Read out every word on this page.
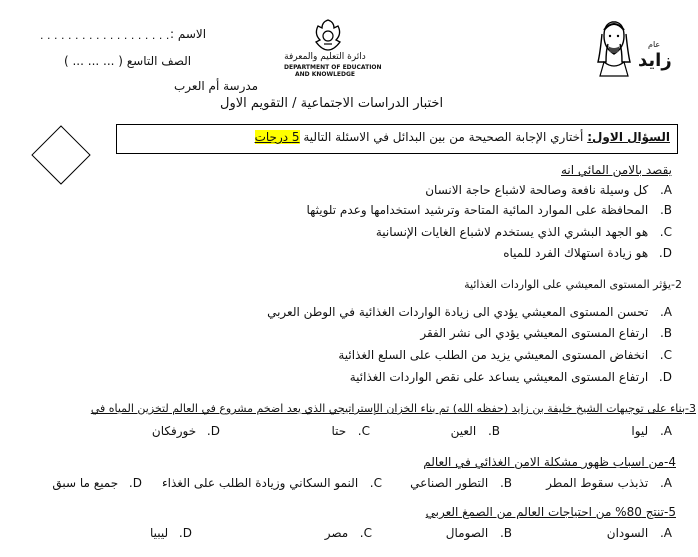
زايد
عام
دائرة التعليم والمعرفة
DEPARTMENT OF EDUCATION
AND KNOWLEDGE
الاسم :
. . . . . . . . . . . . . . . . . . .
الصف التاسع ( ... ... ... )
مدرسة أم العرب
اختبار الدراسات الاجتماعية / التقويم الاول
السؤال الاول: أختاري الإجابة الصحيحة من بين البدائل في الاسئلة التالية 5 درجات
يقصد بالامن المائي انه
A. كل وسيلة نافعة وصالحة لاشباع حاجة الانسان
B. المحافظة على الموارد المائية المتاحة وترشيد استخدامها وعدم تلويثها
C. هو الجهد البشري الذي يستخدم لاشباع الغايات الإنسانية
D. هو زيادة استهلاك الفرد للمياه
2-يؤثر المستوى المعيشي على الواردات الغذائية
A. تحسن المستوى المعيشي يؤدي الى زيادة الواردات الغذائية في الوطن العربي
B. ارتفاع المستوى المعيشي يؤدي الى نشر الفقر
C. انخفاض المستوى المعيشي يزيد من الطلب على السلع الغذائية
D. ارتفاع المستوى المعيشي يساعد على نقص الواردات الغذائية
3-بناء على توجيهات الشيخ خليفة بن زايد (حفظه الله) تم بناء الخزان الإستراتيجي الذي يعد اضخم مشروع في العالم لتخزين المياه في
A. ليوا
B. العين
C. حتا
D. خورفكان
4-من اسباب ظهور مشكلة الامن الغذائي في العالم
A. تذبذب سقوط المطر
B. التطور الصناعي
C. النمو السكاني وزيادة الطلب على الغذاء
D. جميع ما سبق
5-تنتج 80% من احتياجات العالم من الصمغ العربي
A. السودان
B. الصومال
C. مصر
D. ليبيا
